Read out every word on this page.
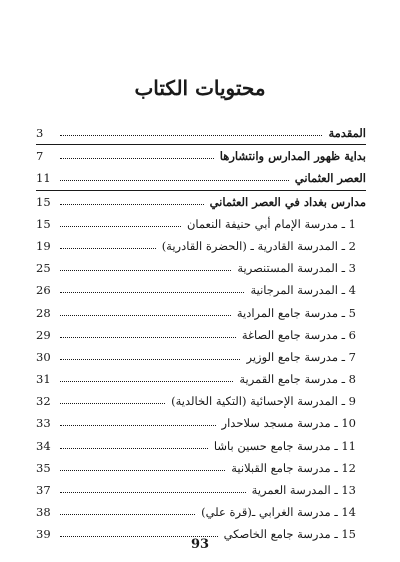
محتويات الكتاب
المقدمة
3
بداية ظهور المدارس وانتشارها
7
العصر العثماني
11
مدارس بغداد في العصر العثماني
15
1 ـ مدرسة الإمام أبي حنيفة النعمان
15
2 ـ المدرسة القادرية ـ (الحضرة القادرية)
19
3 ـ المدرسة المستنصرية
25
4 ـ المدرسة المرجانية
26
5 ـ مدرسة جامع المرادية
28
6 ـ مدرسة جامع الصاغة
29
7 ـ مدرسة جامع الوزير
30
8 ـ مدرسة جامع القمرية
31
9 ـ المدرسة الإحسائية (التكية الخالدية)
32
10 ـ مدرسة مسجد سلاحدار
33
11 ـ مدرسة جامع حسين باشا
34
12 ـ مدرسة جامع القبلانية
35
13 ـ المدرسة العمرية
37
14 ـ مدرسة الغرابي ـ(قرة علي)
38
15 ـ مدرسة جامع الخاصكي
39
93
